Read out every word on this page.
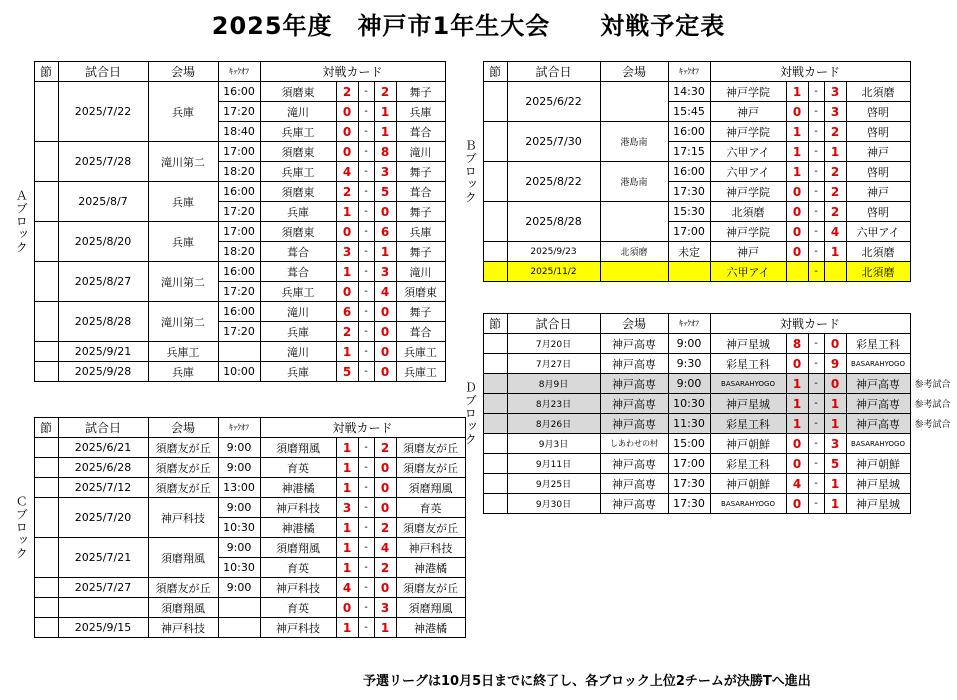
2025年度　神戸市1年生大会　　対戦予定表
Ａブロック	節	試合日	会場	ｷｯｸｵﾌ	対戦カード				
		2025/7/22	兵庫	16:00	須磨東	2	-	2	舞子
				17:20	滝川	0	-	1	兵庫
				18:40	兵庫工	0	-	1	葺合
		2025/7/28	滝川第二	17:00	須磨東	0	-	8	滝川
				18:20	兵庫工	4	-	3	舞子
		2025/8/7	兵庫	16:00	須磨東	2	-	5	葺合
				17:20	兵庫	1	-	0	舞子
		2025/8/20	兵庫	17:00	須磨東	0	-	6	兵庫
				18:20	葺合	3	-	1	舞子
		2025/8/27	滝川第二	16:00	葺合	1	-	3	滝川
				17:20	兵庫工	0	-	4	須磨東
		2025/8/28	滝川第二	16:00	滝川	6	-	0	舞子
				17:20	兵庫	2	-	0	葺合
		2025/9/21	兵庫工		滝川	1	-	0	兵庫工
		2025/9/28	兵庫	10:00	兵庫	5	-	0	兵庫工
Ｂブロック	節	試合日	会場	ｷｯｸｵﾌ	対戦カード				
		2025/6/22		14:30	神戸学院	1	-	3	北須磨
				15:45	神戸	0	-	3	啓明
		2025/7/30	港島南	16:00	神戸学院	1	-	2	啓明
				17:15	六甲アイ	1	-	1	神戸
		2025/8/22	港島南	16:00	六甲アイ	1	-	2	啓明
				17:30	神戸学院	0	-	2	神戸
		2025/8/28		15:30	北須磨	0	-	2	啓明
				17:00	神戸学院	0	-	4	六甲アイ
		2025/9/23	北須磨	未定	神戸	0	-	1	北須磨
		2025/11/2			六甲アイ		-		北須磨
Ｃブロック	節	試合日	会場	ｷｯｸｵﾌ	対戦カード				
		2025/6/21	須磨友が丘	9:00	須磨翔風	1	-	2	須磨友が丘
		2025/6/28	須磨友が丘	9:00	育英	1	-	0	須磨友が丘
		2025/7/12	須磨友が丘	13:00	神港橘	1	-	0	須磨翔風
		2025/7/20	神戸科技	9:00	神戸科技	3	-	0	育英
				10:30	神港橘	1	-	2	須磨友が丘
		2025/7/21	須磨翔風	9:00	須磨翔風	1	-	4	神戸科技
				10:30	育英	1	-	2	神港橘
		2025/7/27	須磨友が丘	9:00	神戸科技	4	-	0	須磨友が丘
			須磨翔風		育英	0	-	3	須磨翔風
		2025/9/15	神戸科技		神戸科技	1	-	1	神港橘
Ｄブロック	節	試合日	会場	ｷｯｸｵﾌ	対戦カード					
		7月20日	神戸高専	9:00	神戸星城	8	-	0	彩星工科	
		7月27日	神戸高専	9:30	彩星工科	0	-	9	BASARAHYOGO	
		8月9日	神戸高専	9:00	BASARAHYOGO	1	-	0	神戸高専	参考試合
		8月23日	神戸高専	10:30	神戸星城	1	-	1	神戸高専	参考試合
		8月26日	神戸高専	11:30	彩星工科	1	-	1	神戸高専	参考試合
		9月3日	しあわせの村	15:00	神戸朝鮮	0	-	3	BASARAHYOGO	
		9月11日	神戸高専	17:00	彩星工科	0	-	5	神戸朝鮮	
		9月25日	神戸高専	17:30	神戸朝鮮	4	-	1	神戸星城	
		9月30日	神戸高専	17:30	BASARAHYOGO	0	-	1	神戸星城	
予選リーグは10月5日までに終了し、各ブロック上位2チームが決勝Tへ進出
